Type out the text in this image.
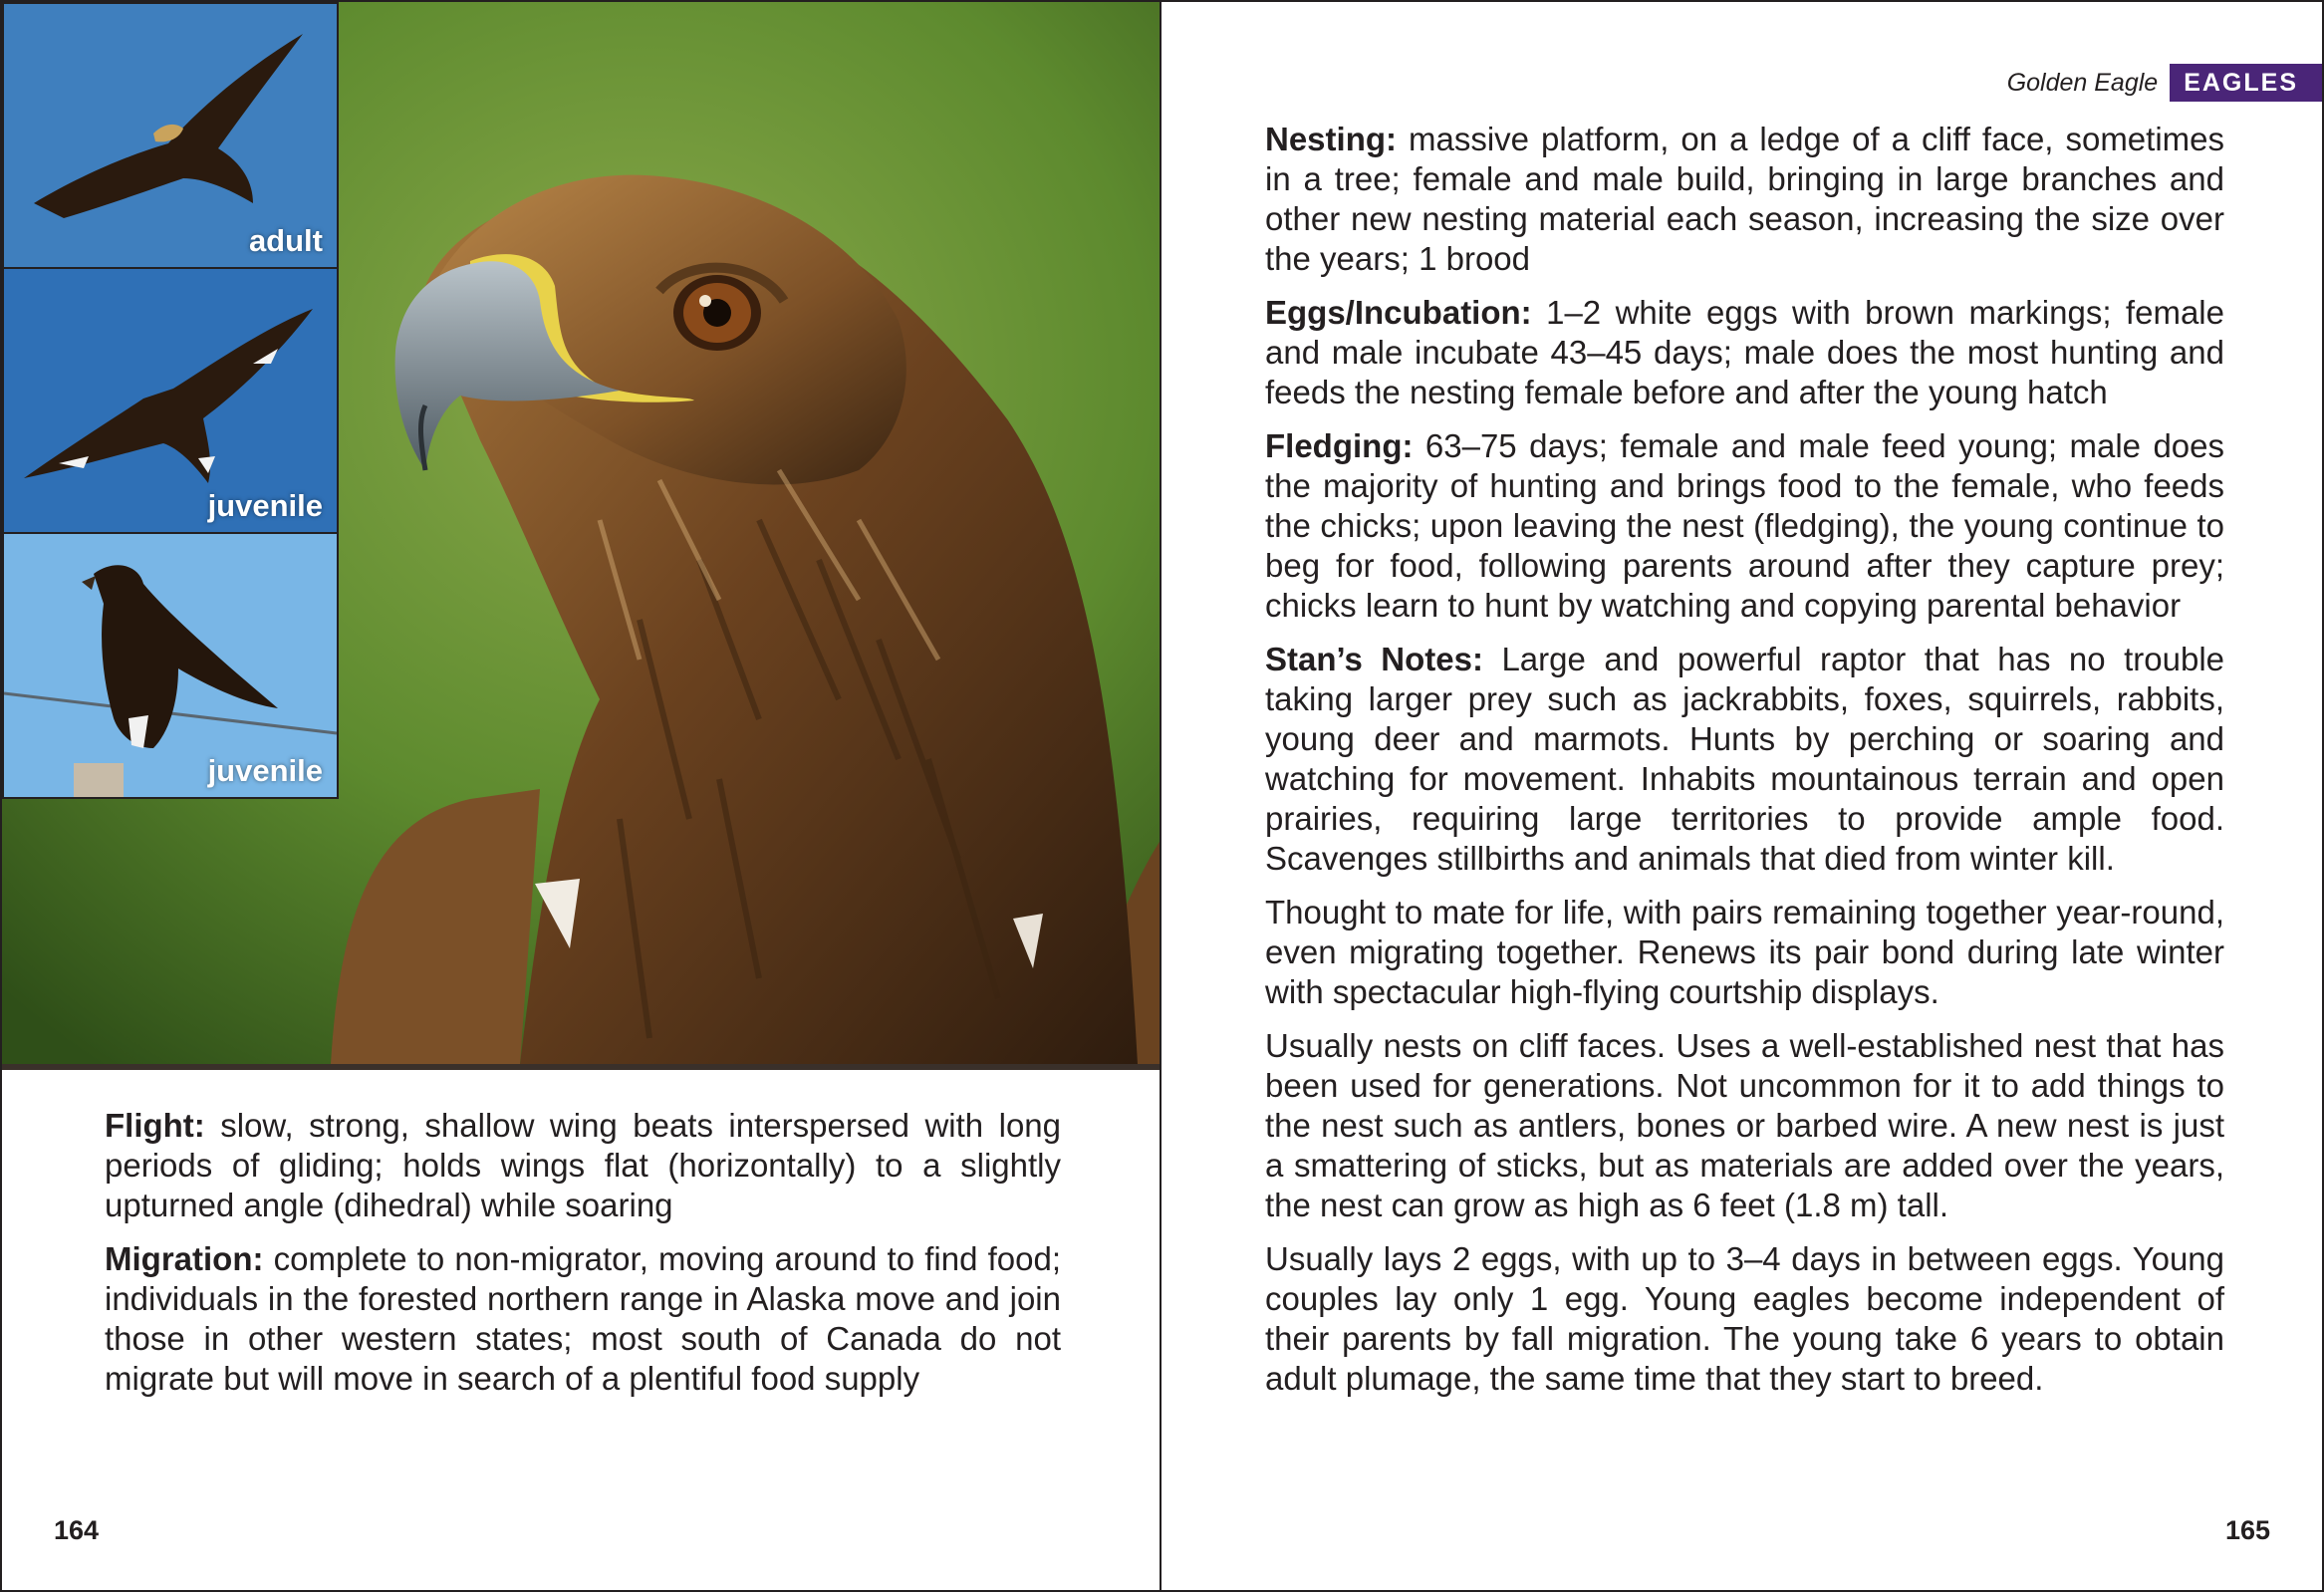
adult
juvenile
juvenile

Flight: slow, strong, shallow wing beats interspersed with long periods of gliding; holds wings flat (horizontally) to a slightly upturned angle (dihedral) while soaring

Migration: complete to non-migrator, moving around to find food; individuals in the forested northern range in Alaska move and join those in other western states; most south of Canada do not migrate but will move in search of a plentiful food supply

164
Golden Eagle	EAGLES

Nesting: massive platform, on a ledge of a cliff face, sometimes in a tree; female and male build, bringing in large branches and other new nesting material each season, increasing the size over the years; 1 brood

Eggs/Incubation: 1–2 white eggs with brown markings; female and male incubate 43–45 days; male does the most hunting and feeds the nesting female before and after the young hatch

Fledging: 63–75 days; female and male feed young; male does the majority of hunting and brings food to the female, who feeds the chicks; upon leaving the nest (fledging), the young continue to beg for food, following parents around after they capture prey; chicks learn to hunt by watching and copying parental behavior

Stan’s Notes: Large and powerful raptor that has no trouble taking larger prey such as jackrabbits, foxes, squirrels, rabbits, young deer and marmots. Hunts by perching or soaring and watching for movement. Inhabits mountainous terrain and open prairies, requiring large territories to provide ample food. Scavenges stillbirths and animals that died from winter kill.

Thought to mate for life, with pairs remaining together year-round, even migrating together. Renews its pair bond during late winter with spectacular high-flying courtship displays.

Usually nests on cliff faces. Uses a well-established nest that has been used for generations. Not uncommon for it to add things to the nest such as antlers, bones or barbed wire. A new nest is just a smattering of sticks, but as materials are added over the years, the nest can grow as high as 6 feet (1.8 m) tall.

Usually lays 2 eggs, with up to 3–4 days in between eggs. Young couples lay only 1 egg. Young eagles become independent of their parents by fall migration. The young take 6 years to obtain adult plumage, the same time that they start to breed.

165
